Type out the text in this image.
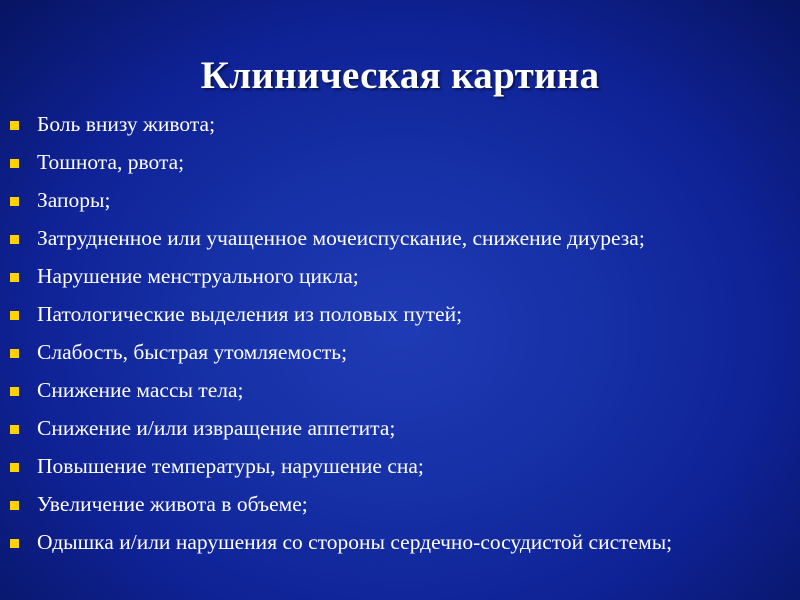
Клиническая картина
Боль внизу живота;
Тошнота, рвота;
Запоры;
Затрудненное или учащенное мочеиспускание, снижение диуреза;
Нарушение менструального цикла;
Патологические выделения из половых путей;
Слабость, быстрая утомляемость;
Снижение массы тела;
Снижение и/или извращение аппетита;
Повышение температуры, нарушение сна;
Увеличение живота в объеме;
Одышка и/или нарушения со стороны сердечно-сосудистой системы;
